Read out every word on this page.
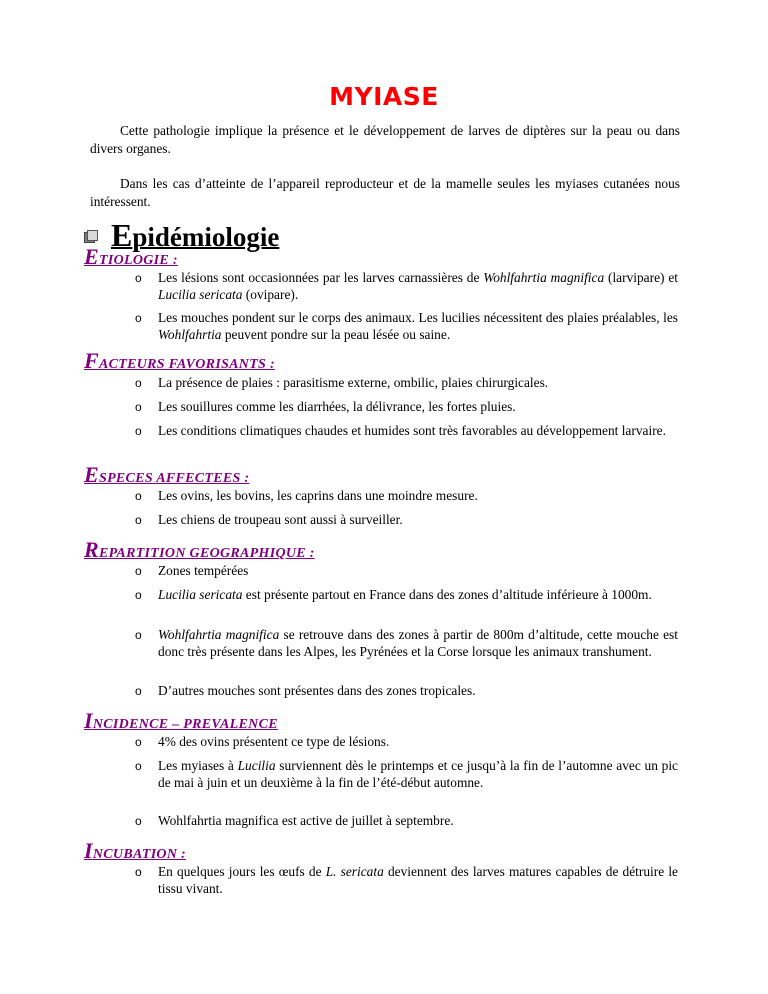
MYIASE

Cette pathologie implique la présence et le développement de larves de diptères sur la peau ou dans divers organes.

Dans les cas d’atteinte de l’appareil reproducteur et de la mamelle seules les myiases cutanées nous intéressent.

Epidémiologie
ETIOLOGIE :

o Les lésions sont occasionnées par les larves carnassières de Wohlfahrtia magnifica (larvipare) et Lucilia sericata (ovipare).

o Les mouches pondent sur le corps des animaux. Les lucilies nécessitent des plaies préalables, les Wohlfahrtia peuvent pondre sur la peau lésée ou saine.

FACTEURS FAVORISANTS :

o La présence de plaies : parasitisme externe, ombilic, plaies chirurgicales.

o Les souillures comme les diarrhées, la délivrance, les fortes pluies.

o Les conditions climatiques chaudes et humides sont très favorables au développement larvaire.

ESPECES AFFECTEES :

o Les ovins, les bovins, les caprins dans une moindre mesure.

o Les chiens de troupeau sont aussi à surveiller.

REPARTITION GEOGRAPHIQUE :

o Zones tempérées

o Lucilia sericata est présente partout en France dans des zones d’altitude inférieure à 1000m.

o Wohlfahrtia magnifica se retrouve dans des zones à partir de 800m d’altitude, cette mouche est donc très présente dans les Alpes, les Pyrénées et la Corse lorsque les animaux transhument.

o D’autres mouches sont présentes dans des zones tropicales.

INCIDENCE – PREVALENCE

o 4% des ovins présentent ce type de lésions.

o Les myiases à Lucilia surviennent dès le printemps et ce jusqu’à la fin de l’automne avec un pic de mai à juin et un deuxième à la fin de l’été-début automne.

o Wohlfahrtia magnifica est active de juillet à septembre.

INCUBATION :

o En quelques jours les œufs de L. sericata deviennent des larves matures capables de détruire le tissu vivant.
